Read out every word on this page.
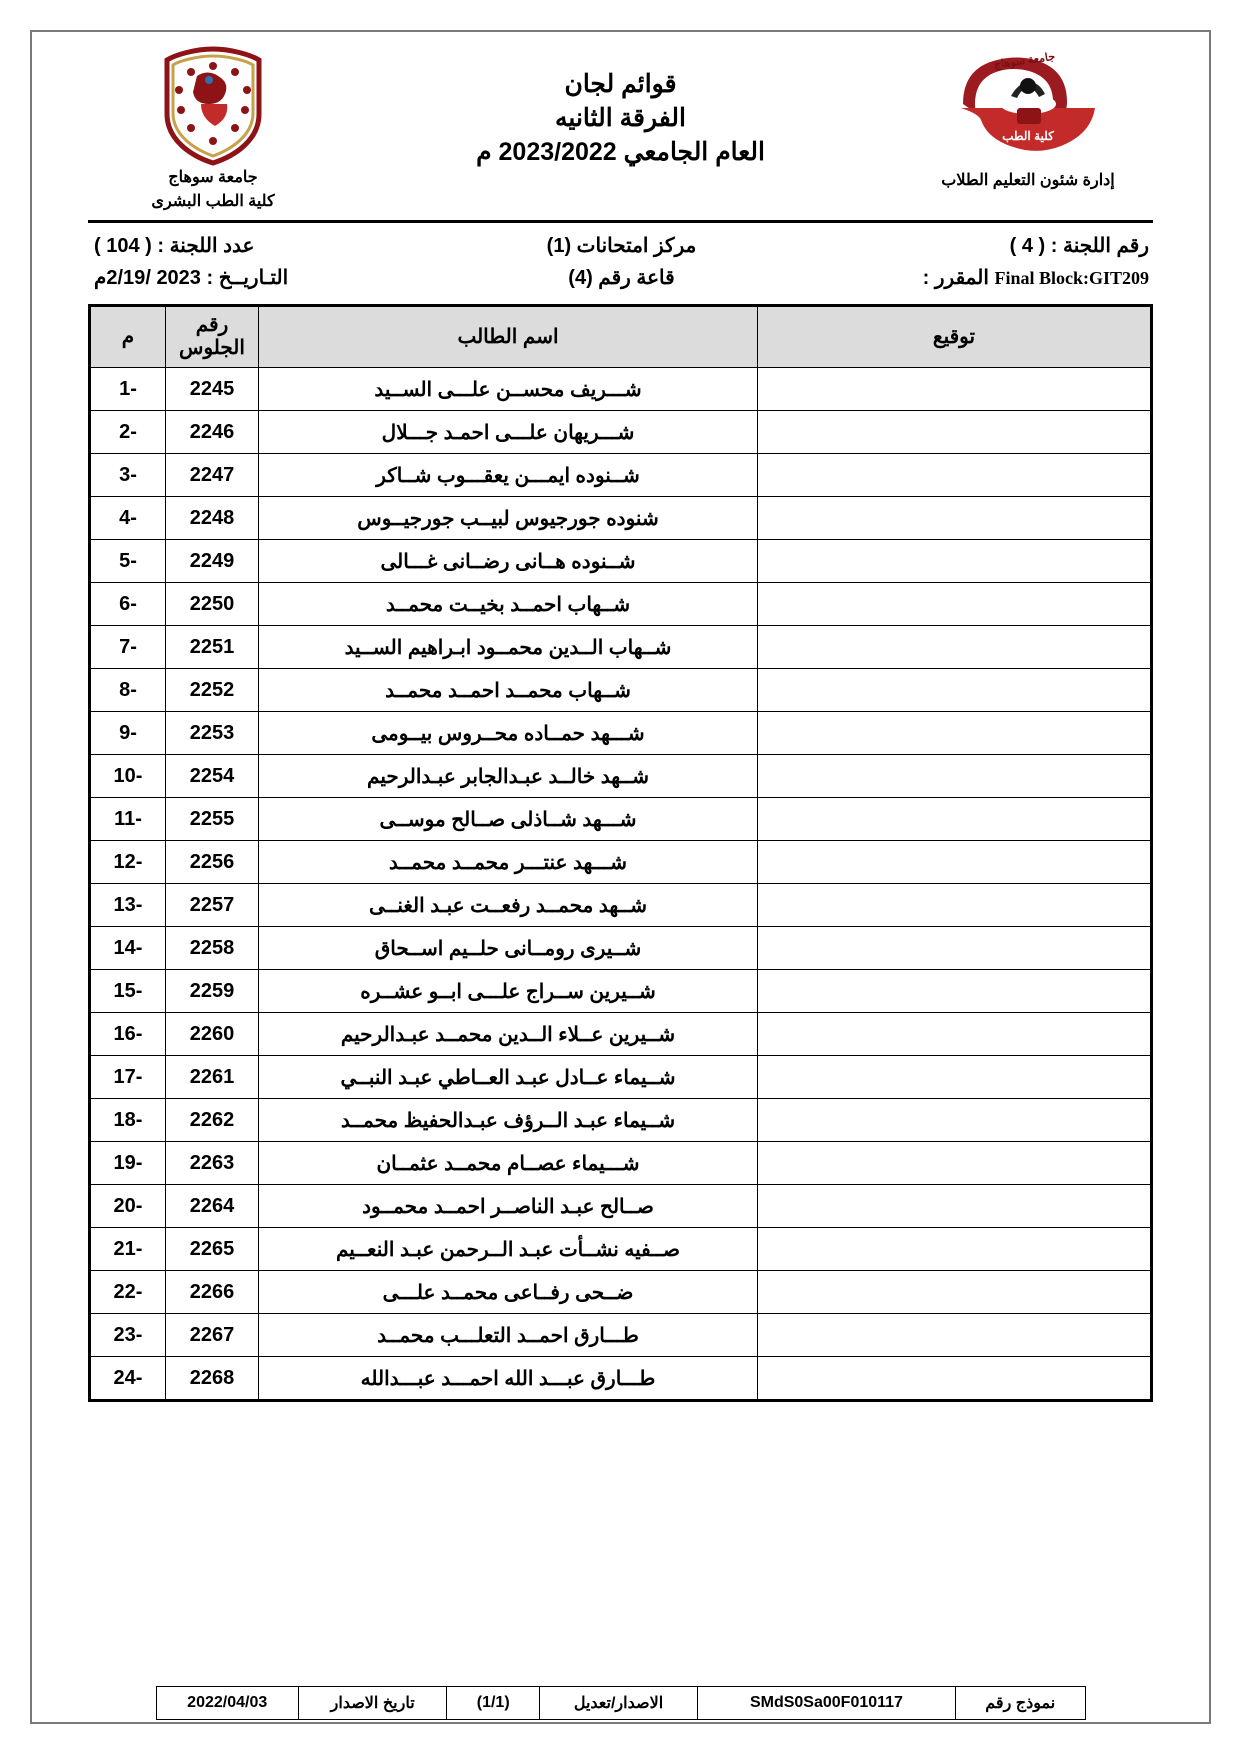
كلية الطب
جامعة سوهاج
إدارة شئون التعليم الطلاب
قوائم لجان
الفرقة الثانيه
العام الجامعي 2023/2022 م
جامعة سوهاج
كلية الطب البشرى
رقم اللجنة : ( 4 )
مركز امتحانات (1)
عدد اللجنة : ( 104 )
Final Block:GIT209 المقرر :
قاعة رقم (4)
التـاريــخ : 2023 /2/19م
توقيع	اسم الطالب	رقم الجلوس	م
	شـــريف محســن علـــى الســيد	2245	-1
	شـــريهان علـــى احمـد جـــلال	2246	-2
	شــنوده ايمـــن يعقـــوب شــاكر	2247	-3
	شنوده جورجيوس لبيــب جورجيــوس	2248	-4
	شــنوده هــانى رضــانى غـــالى	2249	-5
	شــهاب احمــد بخيــت محمــد	2250	-6
	شــهاب الــدين محمــود ابـراهيم الســيد	2251	-7
	شــهاب محمــد احمــد محمــد	2252	-8
	شـــهد حمــاده محــروس بيــومى	2253	-9
	شــهد خالــد عبـدالجابر عبـدالرحيم	2254	-10
	شـــهد شــاذلى صــالح موســى	2255	-11
	شـــهد عنتـــر محمــد محمــد	2256	-12
	شــهد محمــد رفعــت عبـد الغنــى	2257	-13
	شــيرى رومــانى حلــيم اســحاق	2258	-14
	شــيرين ســراج علـــى ابــو عشــره	2259	-15
	شــيرين عــلاء الــدين محمــد عبـدالرحيم	2260	-16
	شــيماء عــادل عبـد العــاطي عبـد النبــي	2261	-17
	شــيماء عبـد الــرؤف عبـدالحفيظ محمــد	2262	-18
	شـــيماء عصــام محمــد عثمــان	2263	-19
	صــالح عبـد الناصــر احمــد محمــود	2264	-20
	صــفيه نشــأت عبـد الــرحمن عبـد النعــيم	2265	-21
	ضــحى رفــاعى محمــد علـــى	2266	-22
	طـــارق احمــد التعلـــب محمــد	2267	-23
	طـــارق عبـــد الله احمـــد عبـــدالله	2268	-24
نموذج رقم	SMdS0Sa00F010117	الاصدار/تعديل	(1/1)	تاريخ الاصدار	2022/04/03
